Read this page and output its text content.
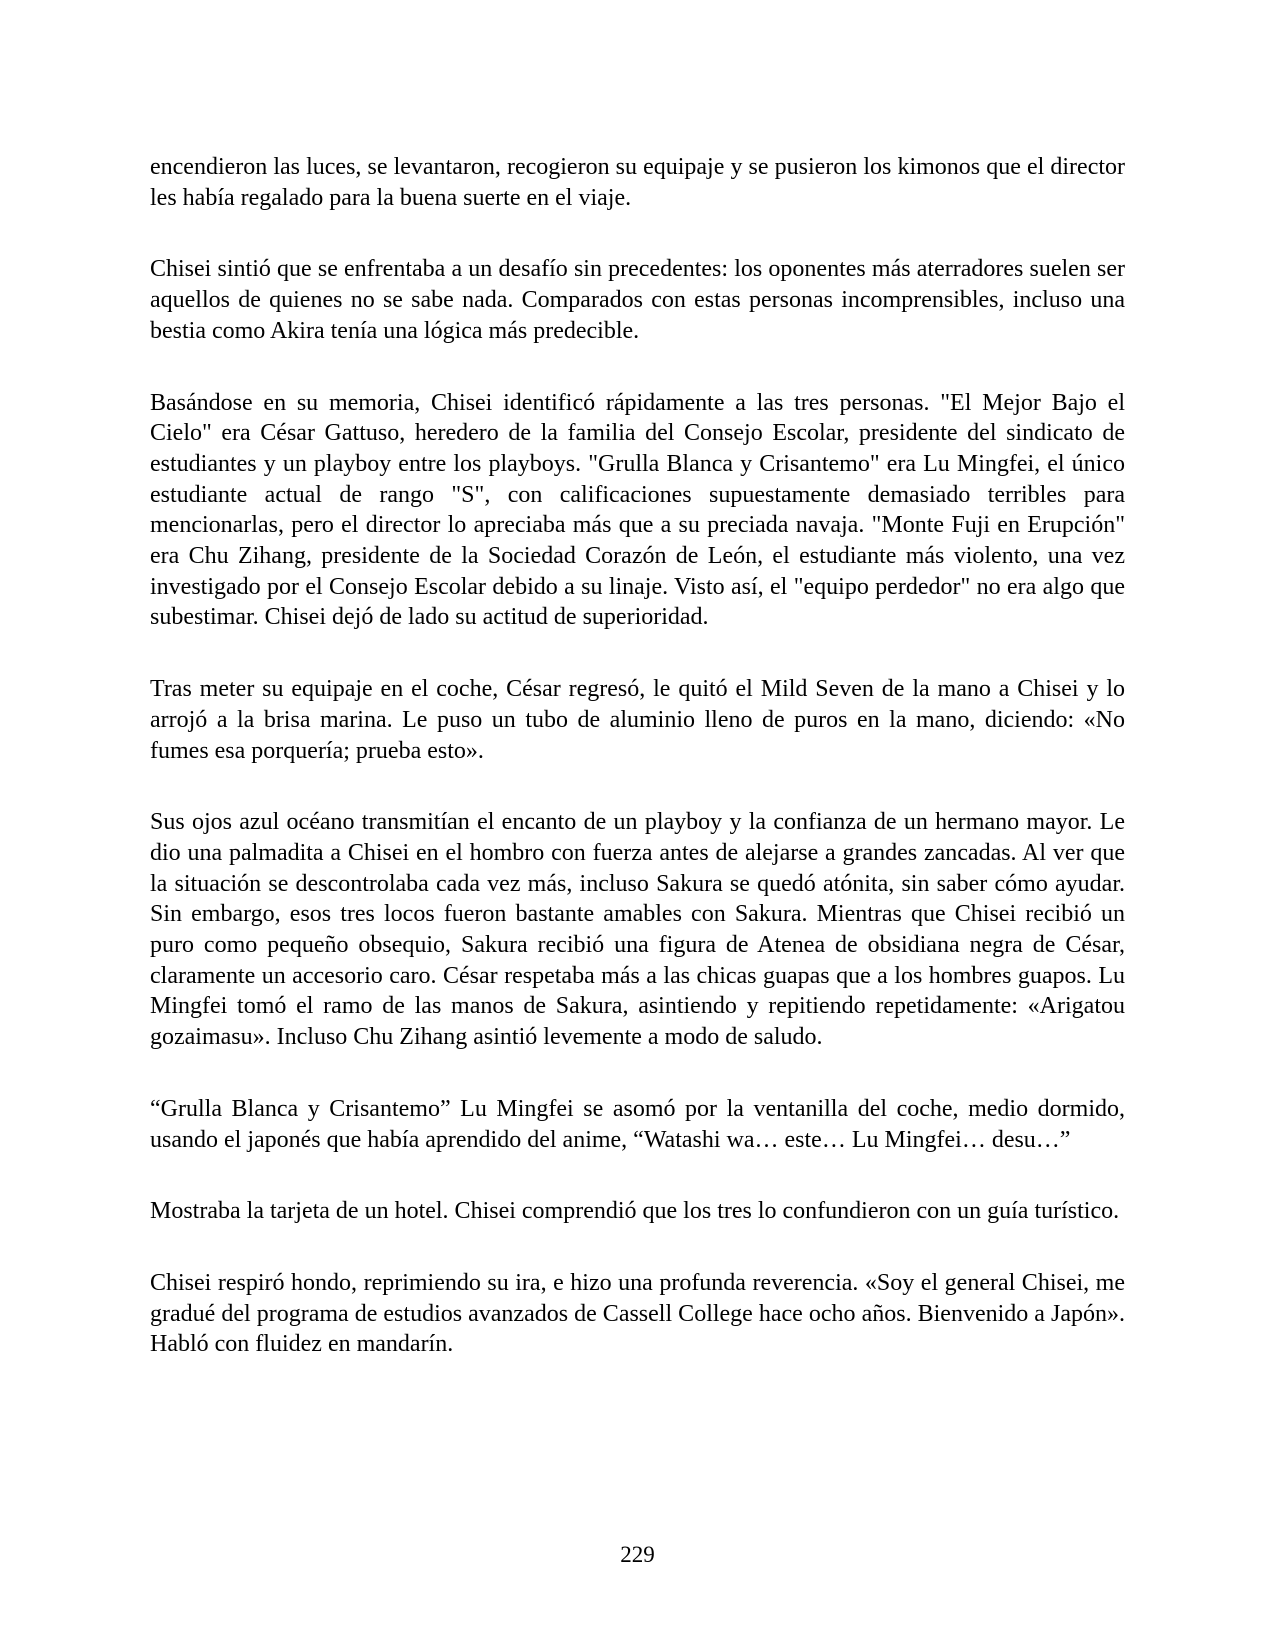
encendieron las luces, se levantaron, recogieron su equipaje y se pusieron los kimonos que el director les había regalado para la buena suerte en el viaje.

Chisei sintió que se enfrentaba a un desafío sin precedentes: los oponentes más aterradores suelen ser aquellos de quienes no se sabe nada. Comparados con estas personas incomprensibles, incluso una bestia como Akira tenía una lógica más predecible.

Basándose en su memoria, Chisei identificó rápidamente a las tres personas. "El Mejor Bajo el Cielo" era César Gattuso, heredero de la familia del Consejo Escolar, presidente del sindicato de estudiantes y un playboy entre los playboys. "Grulla Blanca y Crisantemo" era Lu Mingfei, el único estudiante actual de rango "S", con calificaciones supuestamente demasiado terribles para mencionarlas, pero el director lo apreciaba más que a su preciada navaja. "Monte Fuji en Erupción" era Chu Zihang, presidente de la Sociedad Corazón de León, el estudiante más violento, una vez investigado por el Consejo Escolar debido a su linaje. Visto así, el "equipo perdedor" no era algo que subestimar. Chisei dejó de lado su actitud de superioridad.

Tras meter su equipaje en el coche, César regresó, le quitó el Mild Seven de la mano a Chisei y lo arrojó a la brisa marina. Le puso un tubo de aluminio lleno de puros en la mano, diciendo: «No fumes esa porquería; prueba esto».

Sus ojos azul océano transmitían el encanto de un playboy y la confianza de un hermano mayor. Le dio una palmadita a Chisei en el hombro con fuerza antes de alejarse a grandes zancadas. Al ver que la situación se descontrolaba cada vez más, incluso Sakura se quedó atónita, sin saber cómo ayudar. Sin embargo, esos tres locos fueron bastante amables con Sakura. Mientras que Chisei recibió un puro como pequeño obsequio, Sakura recibió una figura de Atenea de obsidiana negra de César, claramente un accesorio caro. César respetaba más a las chicas guapas que a los hombres guapos. Lu Mingfei tomó el ramo de las manos de Sakura, asintiendo y repitiendo repetidamente: «Arigatou gozaimasu». Incluso Chu Zihang asintió levemente a modo de saludo.

“Grulla Blanca y Crisantemo” Lu Mingfei se asomó por la ventanilla del coche, medio dormido, usando el japonés que había aprendido del anime, “Watashi wa… este… Lu Mingfei… desu…”

Mostraba la tarjeta de un hotel. Chisei comprendió que los tres lo confundieron con un guía turístico.

Chisei respiró hondo, reprimiendo su ira, e hizo una profunda reverencia. «Soy el general Chisei, me gradué del programa de estudios avanzados de Cassell College hace ocho años. Bienvenido a Japón». Habló con fluidez en mandarín.

229
